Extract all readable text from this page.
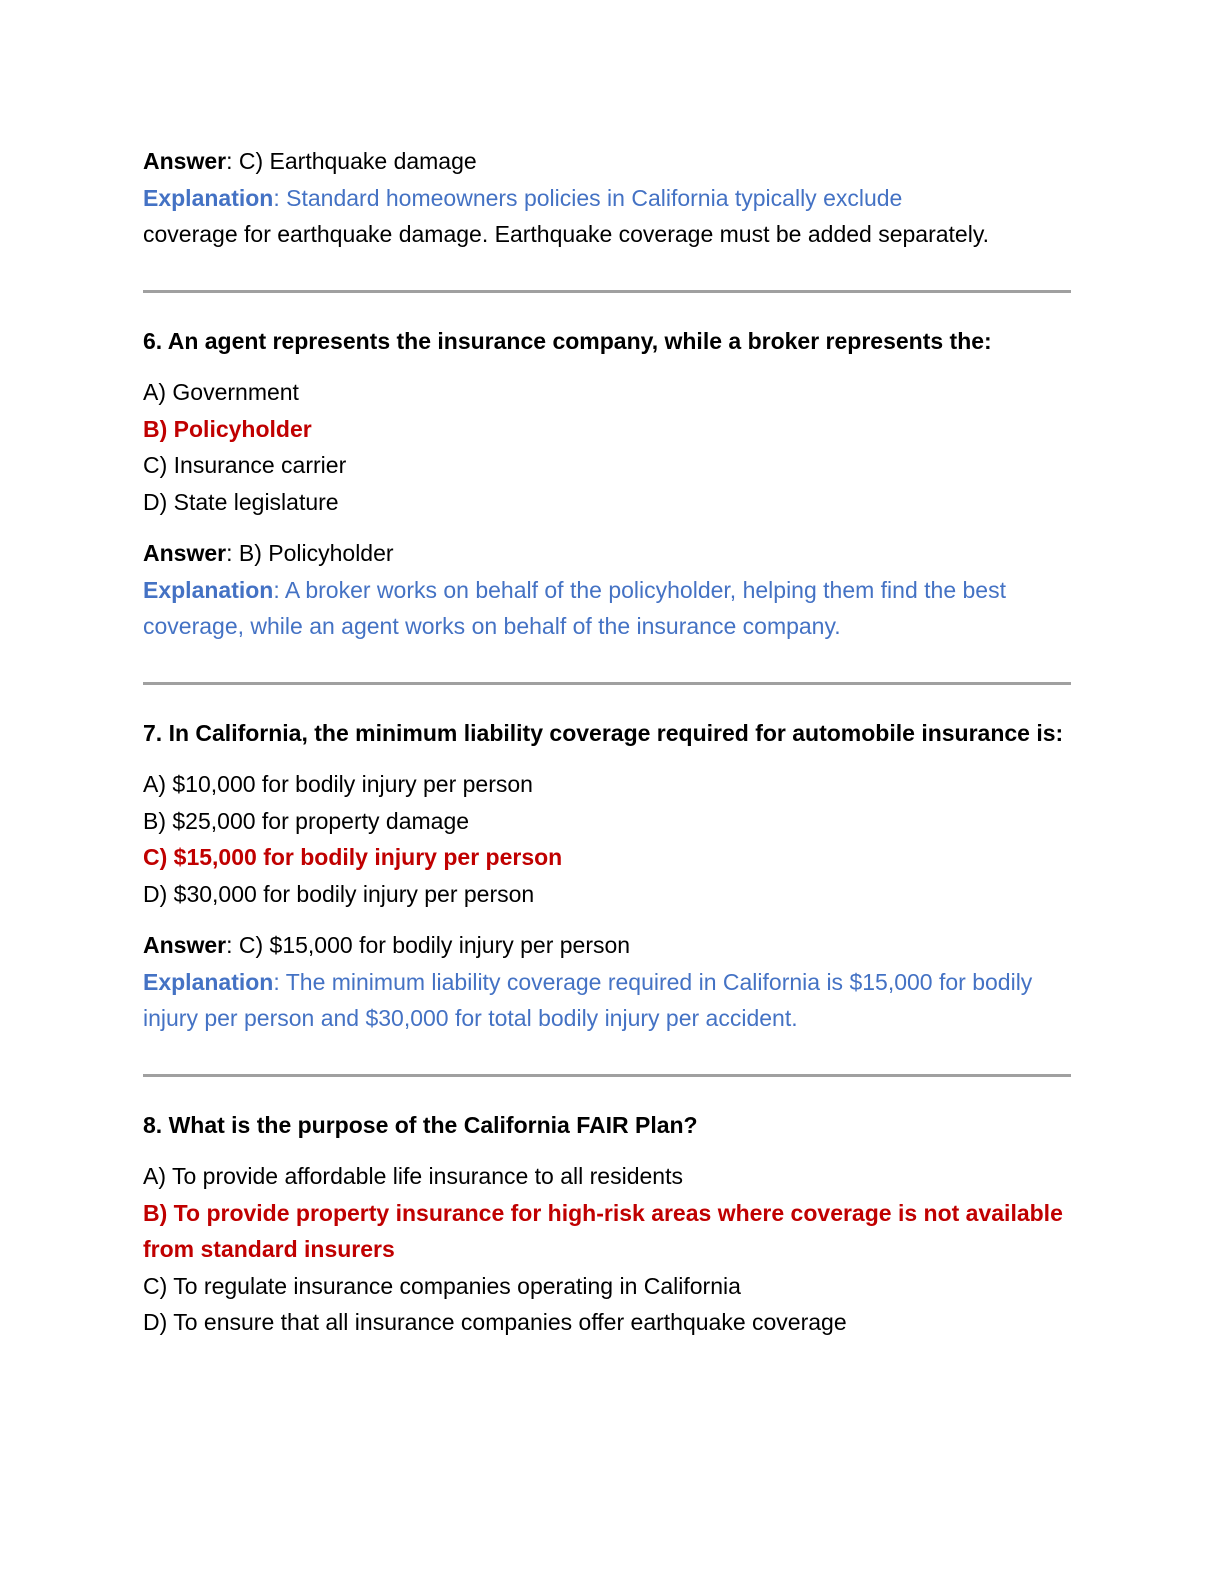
Answer: C) Earthquake damage

Explanation: Standard homeowners policies in California typically exclude
coverage for earthquake damage. Earthquake coverage must be added separately.

6. An agent represents the insurance company, while a broker represents the:

A) Government

B) Policyholder

C) Insurance carrier

D) State legislature

Answer: B) Policyholder

Explanation: A broker works on behalf of the policyholder, helping them find the best coverage, while an agent works on behalf of the insurance company.

7. In California, the minimum liability coverage required for automobile insurance is:

A) $10,000 for bodily injury per person

B) $25,000 for property damage

C) $15,000 for bodily injury per person

D) $30,000 for bodily injury per person

Answer: C) $15,000 for bodily injury per person

Explanation: The minimum liability coverage required in California is $15,000 for bodily injury per person and $30,000 for total bodily injury per accident.

8. What is the purpose of the California FAIR Plan?

A) To provide affordable life insurance to all residents

B) To provide property insurance for high-risk areas where coverage is not available from standard insurers

C) To regulate insurance companies operating in California

D) To ensure that all insurance companies offer earthquake coverage
